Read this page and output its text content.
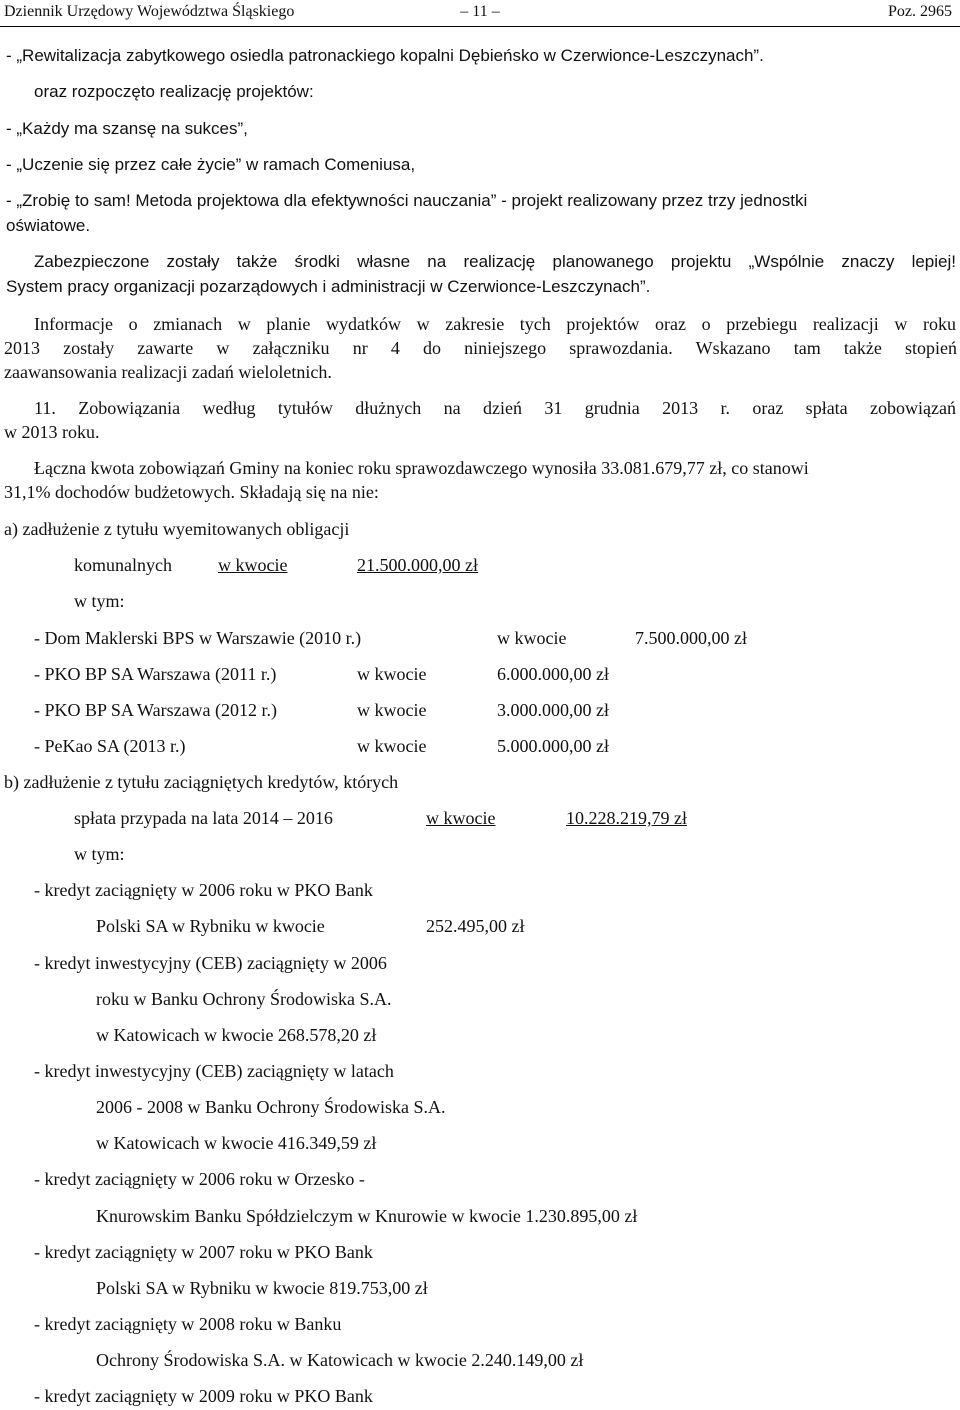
Dziennik Urzędowy Województwa Śląskiego	– 11 –	Poz. 2965
- „Rewitalizacja zabytkowego osiedla patronackiego kopalni Dębieńsko w Czerwionce-Leszczynach”.
oraz rozpoczęto realizację projektów:
- „Każdy ma szansę na sukces”,
- „Uczenie się przez całe życie” w ramach Comeniusa,
- „Zrobię to sam! Metoda projektowa dla efektywności nauczania” - projekt realizowany przez trzy jednostki
oświatowe.
Zabezpieczone zostały także środki własne na realizację planowanego projektu „Wspólnie znaczy lepiej!
System pracy organizacji pozarządowych i administracji w Czerwionce-Leszczynach”.
Informacje o zmianach w planie wydatków w zakresie tych projektów oraz o przebiegu realizacji w roku
2013 zostały zawarte w załączniku nr 4 do niniejszego sprawozdania. Wskazano tam także stopień
zaawansowania realizacji zadań wieloletnich.
11. Zobowiązania według tytułów dłużnych na dzień 31 grudnia 2013 r. oraz spłata zobowiązań
w 2013 roku.
Łączna kwota zobowiązań Gminy na koniec roku sprawozdawczego wynosiła 33.081.679,77 zł, co stanowi
31,1% dochodów budżetowych. Składają się na nie:
a) zadłużenie z tytułu wyemitowanych obligacji
komunalnych	w kwocie	21.500.000,00 zł
w tym:
- Dom Maklerski BPS w Warszawie (2010 r.)	w kwocie	7.500.000,00 zł
- PKO BP SA Warszawa (2011 r.)	w kwocie	6.000.000,00 zł
- PKO BP SA Warszawa (2012 r.)	w kwocie	3.000.000,00 zł
- PeKao SA (2013 r.)	w kwocie	5.000.000,00 zł
b) zadłużenie z tytułu zaciągniętych kredytów, których
spłata przypada na lata 2014 – 2016	w kwocie	10.228.219,79 zł
w tym:
- kredyt zaciągnięty w 2006 roku w PKO Bank
Polski SA w Rybniku w kwocie	252.495,00 zł
- kredyt inwestycyjny (CEB) zaciągnięty w 2006
roku w Banku Ochrony Środowiska S.A.
w Katowicach w kwocie 268.578,20 zł
- kredyt inwestycyjny (CEB) zaciągnięty w latach
2006 - 2008 w Banku Ochrony Środowiska S.A.
w Katowicach w kwocie 416.349,59 zł
- kredyt zaciągnięty w 2006 roku w Orzesko -
Knurowskim Banku Spółdzielczym w Knurowie w kwocie 1.230.895,00 zł
- kredyt zaciągnięty w 2007 roku w PKO Bank
Polski SA w Rybniku w kwocie 819.753,00 zł
- kredyt zaciągnięty w 2008 roku w Banku
Ochrony Środowiska S.A. w Katowicach w kwocie 2.240.149,00 zł
- kredyt zaciągnięty w 2009 roku w PKO Bank
